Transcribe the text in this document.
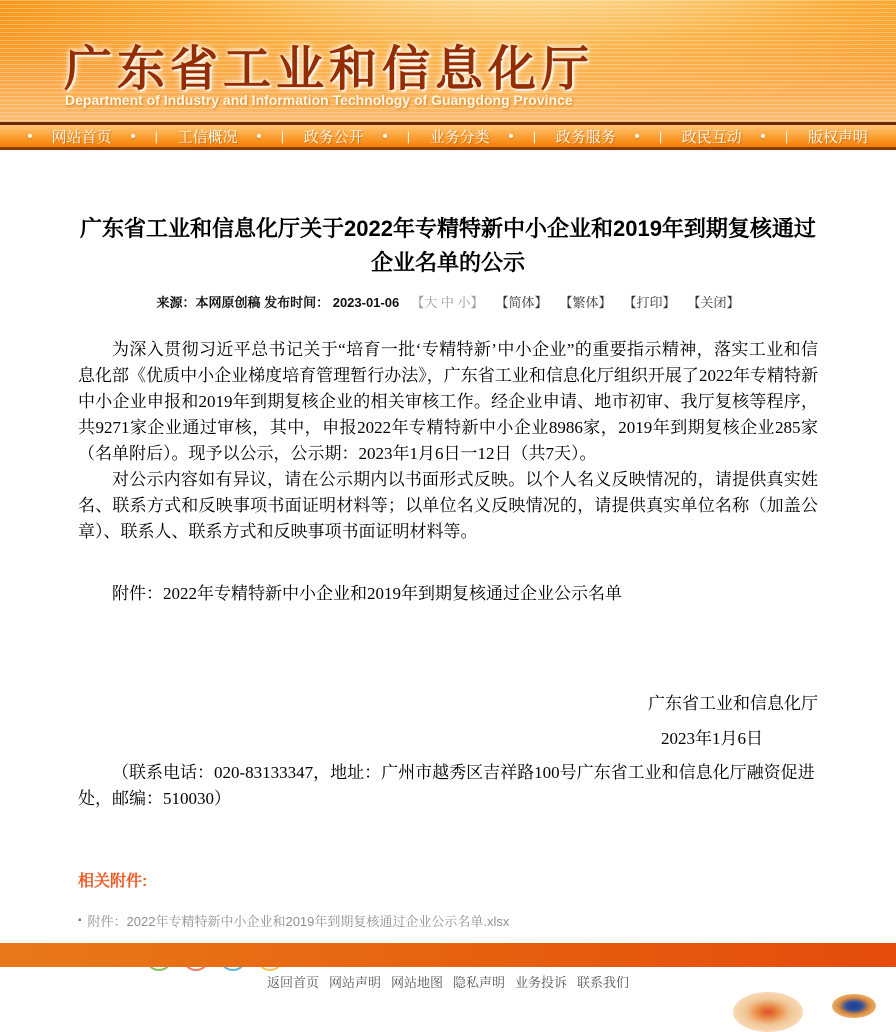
广东省工业和信息化厅
Department of Industry and Information Technology of Guangdong Province
网站首页	| 工信概况	| 政务公开	| 业务分类	| 政务服务	| 政民互动	| 版权声明
广东省工业和信息化厅关于2022年专精特新中小企业和2019年到期复核通过企业名单的公示
来源：本网原创稿 发布时间： 2023-01-06 【大 中 小】 【简体】 【繁体】 【打印】 【关闭】

为深入贯彻习近平总书记关于“培育一批‘专精特新’中小企业”的重要指示精神，落实工业和信息化部《优质中小企业梯度培育管理暂行办法》，广东省工业和信息化厅组织开展了2022年专精特新中小企业申报和2019年到期复核企业的相关审核工作。经企业申请、地市初审、我厅复核等程序，共9271家企业通过审核，其中，申报2022年专精特新中小企业8986家，2019年到期复核企业285家（名单附后）。现予以公示，公示期：2023年1月6日一12日（共7天）。

对公示内容如有异议，请在公示期内以书面形式反映。以个人名义反映情况的，请提供真实姓名、联系方式和反映事项书面证明材料等；以单位名义反映情况的，请提供真实单位名称（加盖公章）、联系人、联系方式和反映事项书面证明材料等。

附件：2022年专精特新中小企业和2019年到期复核通过企业公示名单

广东省工业和信息化厅

2023年1月6日

（联系电话：020-83133347，地址：广州市越秀区吉祥路100号广东省工业和信息化厅融资促进处，邮编：510030）

相关附件:
▪ 附件：2022年专精特新中小企业和2019年到期复核通过企业公示名单.xlsx
返回首页 网站声明 网站地图 隐私声明 业务投诉 联系我们
